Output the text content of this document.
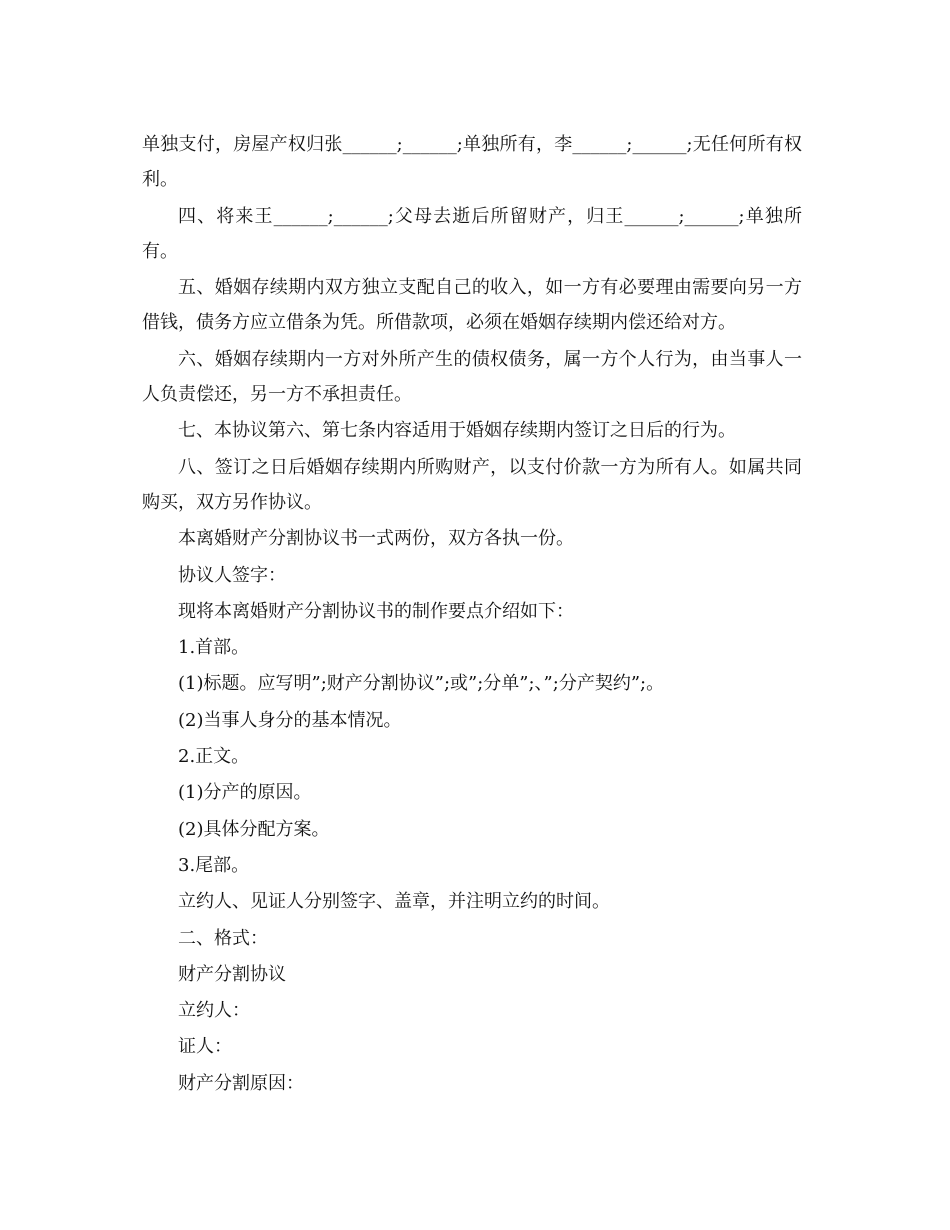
单独支付，房屋产权归张______;______;单独所有，李______;______;无任何所有权利。

四、将来王______;______;父母去逝后所留财产，归王______;______;单独所有。

五、婚姻存续期内双方独立支配自己的收入，如一方有必要理由需要向另一方借钱，债务方应立借条为凭。所借款项，必须在婚姻存续期内偿还给对方。

六、婚姻存续期内一方对外所产生的债权债务，属一方个人行为，由当事人一人负责偿还，另一方不承担责任。

七、本协议第六、第七条内容适用于婚姻存续期内签订之日后的行为。

八、签订之日后婚姻存续期内所购财产，以支付价款一方为所有人。如属共同购买，双方另作协议。

本离婚财产分割协议书一式两份，双方各执一份。

协议人签字：

现将本离婚财产分割协议书的制作要点介绍如下：

1.首部。

(1)标题。应写明”;财产分割协议”;或”;分单”;、”;分产契约”;。

(2)当事人身分的基本情况。

2.正文。

(1)分产的原因。

(2)具体分配方案。

3.尾部。

立约人、见证人分别签字、盖章，并注明立约的时间。

二、格式：

财产分割协议

立约人：

证人：

财产分割原因：
